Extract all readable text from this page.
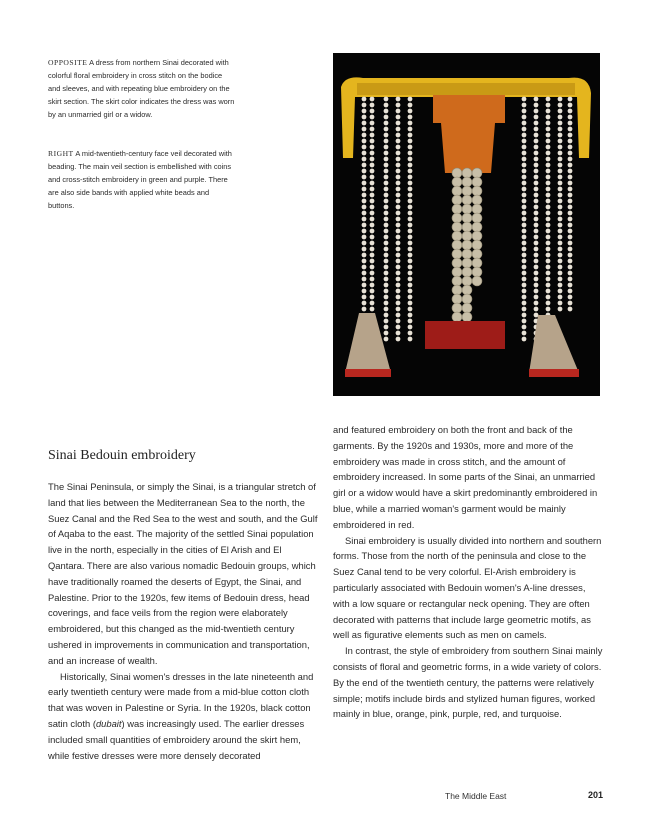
OPPOSITE A dress from northern Sinai decorated with colorful floral embroidery in cross stitch on the bodice and sleeves, and with repeating blue embroidery on the skirt section. The skirt color indicates the dress was worn by an unmarried girl or a widow.
RIGHT A mid-twentieth-century face veil decorated with beading. The main veil section is embellished with coins and cross-stitch embroidery in green and purple. There are also side bands with applied white beads and buttons.
Sinai Bedouin embroidery

The Sinai Peninsula, or simply the Sinai, is a triangular stretch of land that lies between the Mediterranean Sea to the north, the Suez Canal and the Red Sea to the west and south, and the Gulf of Aqaba to the east. The majority of the settled Sinai population live in the north, especially in the cities of El Arish and El Qantara. There are also various nomadic Bedouin groups, which have traditionally roamed the deserts of Egypt, the Sinai, and Palestine. Prior to the 1920s, few items of Bedouin dress, head coverings, and face veils from the region were elaborately embroidered, but this changed as the mid-twentieth century ushered in improvements in communication and transportation, and an increase of wealth.

Historically, Sinai women's dresses in the late nineteenth and early twentieth century were made from a mid-blue cotton cloth that was woven in Palestine or Syria. In the 1920s, black cotton satin cloth (dubait) was increasingly used. The earlier dresses included small quantities of embroidery around the skirt hem, while festive dresses were more densely decorated

and featured embroidery on both the front and back of the garments. By the 1920s and 1930s, more and more of the embroidery was made in cross stitch, and the amount of embroidery increased. In some parts of the Sinai, an unmarried girl or a widow would have a skirt predominantly embroidered in blue, while a married woman's garment would be mainly embroidered in red.

Sinai embroidery is usually divided into northern and southern forms. Those from the north of the peninsula and close to the Suez Canal tend to be very colorful. El-Arish embroidery is particularly associated with Bedouin women's A-line dresses, with a low square or rectangular neck opening. They are often decorated with patterns that include large geometric motifs, as well as figurative elements such as men on camels.

In contrast, the style of embroidery from southern Sinai mainly consists of floral and geometric forms, in a wide variety of colors. By the end of the twentieth century, the patterns were relatively simple; motifs include birds and stylized human figures, worked mainly in blue, orange, pink, purple, red, and turquoise.

The Middle East	201
